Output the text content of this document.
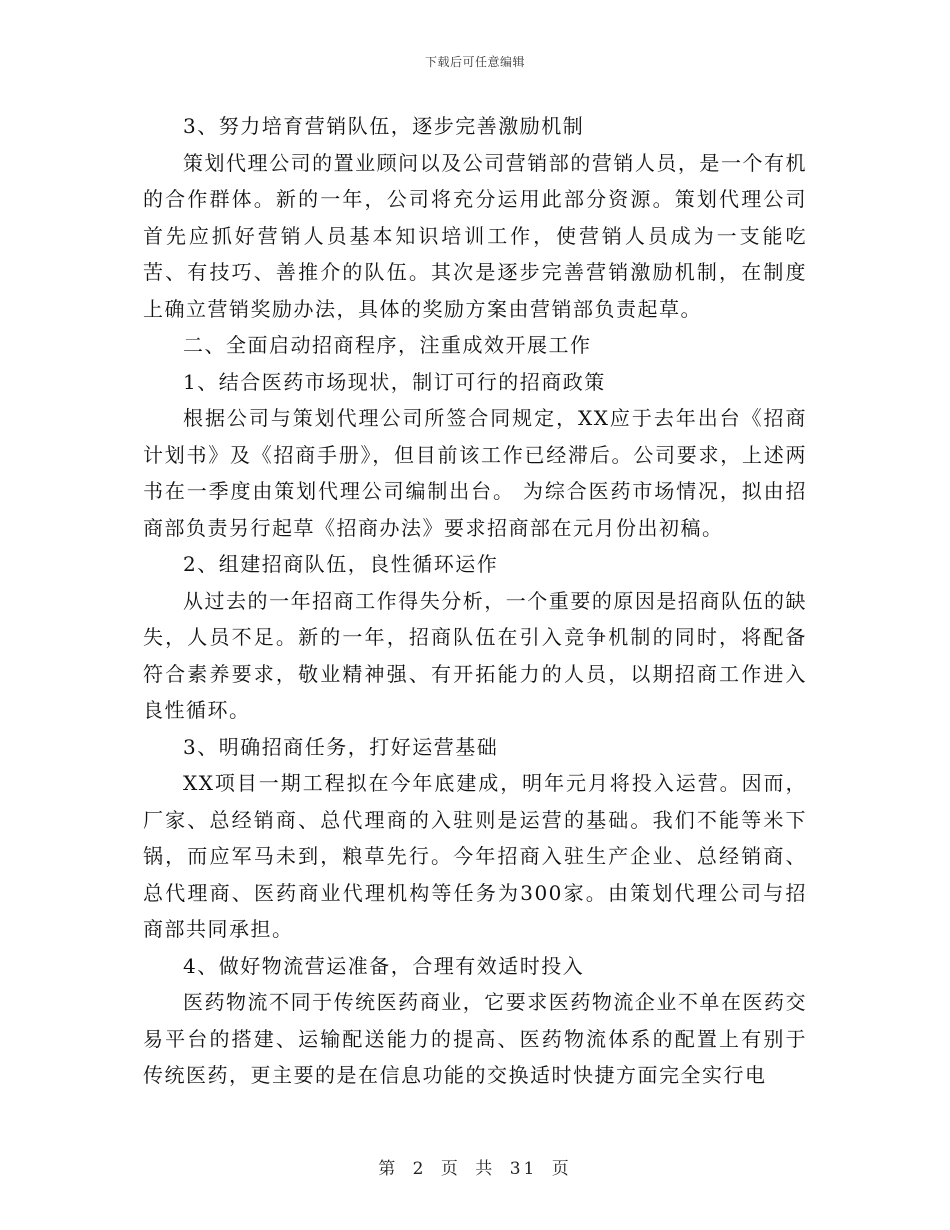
下载后可任意编辑

3、努力培育营销队伍，逐步完善激励机制

策划代理公司的置业顾问以及公司营销部的营销人员，是一个有机的合作群体。新的一年，公司将充分运用此部分资源。策划代理公司首先应抓好营销人员基本知识培训工作，使营销人员成为一支能吃苦、有技巧、善推介的队伍。其次是逐步完善营销激励机制，在制度上确立营销奖励办法，具体的奖励方案由营销部负责起草。

二、全面启动招商程序，注重成效开展工作

1、结合医药市场现状，制订可行的招商政策

根据公司与策划代理公司所签合同规定，XX应于去年出台《招商计划书》及《招商手册》，但目前该工作已经滞后。公司要求，上述两书在一季度由策划代理公司编制出台。 为综合医药市场情况，拟由招商部负责另行起草《招商办法》要求招商部在元月份出初稿。

2、组建招商队伍，良性循环运作

从过去的一年招商工作得失分析，一个重要的原因是招商队伍的缺失，人员不足。新的一年，招商队伍在引入竞争机制的同时，将配备符合素养要求，敬业精神强、有开拓能力的人员，以期招商工作进入良性循环。

3、明确招商任务，打好运营基础

XX项目一期工程拟在今年底建成，明年元月将投入运营。因而，厂家、总经销商、总代理商的入驻则是运营的基础。我们不能等米下锅，而应军马未到，粮草先行。今年招商入驻生产企业、总经销商、总代理商、医药商业代理机构等任务为300家。由策划代理公司与招商部共同承担。

4、做好物流营运准备，合理有效适时投入

医药物流不同于传统医药商业，它要求医药物流企业不单在医药交易平台的搭建、运输配送能力的提高、医药物流体系的配置上有别于传统医药，更主要的是在信息功能的交换适时快捷方面完全实行电

第 2 页 共 31 页
